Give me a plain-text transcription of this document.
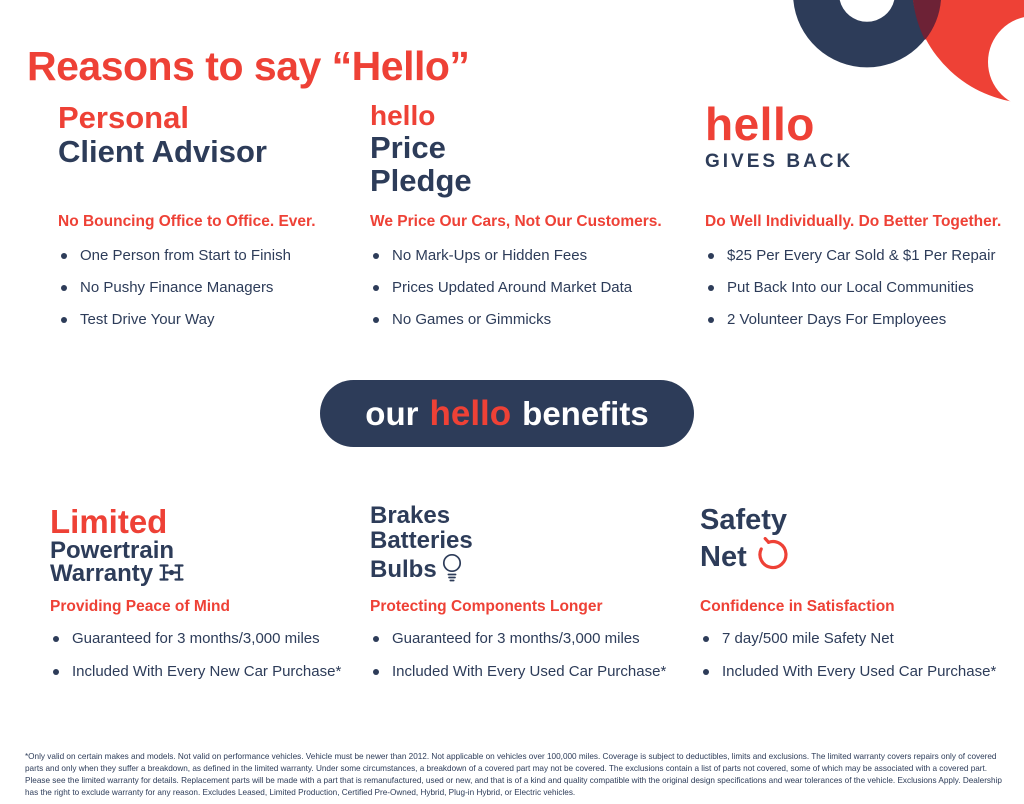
Reasons to say “Hello”
Personal
Client Advisor
No Bouncing Office to Office. Ever.
One Person from Start to Finish
No Pushy Finance Managers
Test Drive Your Way
hello
Price
Pledge
We Price Our Cars, Not Our Customers.
No Mark-Ups or Hidden Fees
Prices Updated Around Market Data
No Games or Gimmicks
hello
GIVES BACK
Do Well Individually. Do Better Together.
$25 Per Every Car Sold & $1 Per Repair
Put Back Into our Local Communities
2 Volunteer Days For Employees
our hello benefits
Limited
Powertrain
Warranty
Providing Peace of Mind
Guaranteed for 3 months/3,000 miles
Included With Every New Car Purchase*
Brakes
Batteries
Bulbs
Protecting Components Longer
Guaranteed for 3 months/3,000 miles
Included With Every Used Car Purchase*
Safety
Net
Confidence in Satisfaction
7 day/500 mile Safety Net
Included With Every Used Car Purchase*

*Only valid on certain makes and models. Not valid on performance vehicles. Vehicle must be newer than 2012. Not applicable on vehicles over 100,000 miles. Coverage is subject to deductibles, limits and exclusions. The limited warranty covers repairs only of covered parts and only when they suffer a breakdown, as defined in the limited warranty. Under some circumstances, a breakdown of a covered part may not be covered. The exclusions contain a list of parts not covered, some of which may be associated with a covered part. Please see the limited warranty for details. Replacement parts will be made with a part that is remanufactured, used or new, and that is of a kind and quality compatible with the original design specifications and wear tolerances of the vehicle. Exclusions Apply. Dealership has the right to exclude warranty for any reason. Excludes Leased, Limited Production, Certified Pre-Owned, Hybrid, Plug-in Hybrid, or Electric vehicles.
